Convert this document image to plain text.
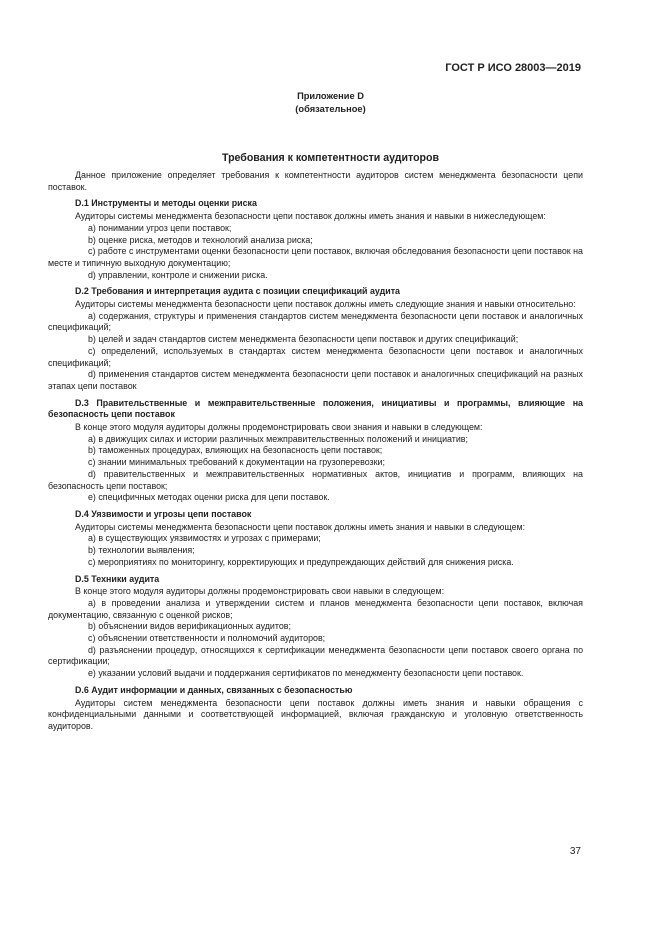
ГОСТ Р ИСО 28003—2019
Приложение D
(обязательное)
Требования к компетентности аудиторов

Данное приложение определяет требования к компетентности аудиторов систем менеджмента безопасности цепи поставок.

D.1 Инструменты и методы оценки риска

Аудиторы системы менеджмента безопасности цепи поставок должны иметь знания и навыки в нижеследующем:

a) понимании угроз цепи поставок;

b) оценке риска, методов и технологий анализа риска;

c) работе с инструментами оценки безопасности цепи поставок, включая обследования безопасности цепи поставок на месте и типичную выходную документацию;

d) управлении, контроле и снижении риска.

D.2 Требования и интерпретация аудита с позиции спецификаций аудита

Аудиторы системы менеджмента безопасности цепи поставок должны иметь следующие знания и навыки относительно:

a) содержания, структуры и применения стандартов систем менеджмента безопасности цепи поставок и аналогичных спецификаций;

b) целей и задач стандартов систем менеджмента безопасности цепи поставок и других спецификаций;

c) определений, используемых в стандартах систем менеджмента безопасности цепи поставок и аналогичных спецификаций;

d) применения стандартов систем менеджмента безопасности цепи поставок и аналогичных спецификаций на разных этапах цепи поставок

D.3 Правительственные и межправительственные положения, инициативы и программы, влияющие на безопасность цепи поставок

В конце этого модуля аудиторы должны продемонстрировать свои знания и навыки в следующем:

a) в движущих силах и истории различных межправительственных положений и инициатив;

b) таможенных процедурах, влияющих на безопасность цепи поставок;

c) знании минимальных требований к документации на грузоперевозки;

d) правительственных и межправительственных нормативных актов, инициатив и программ, влияющих на безопасность цепи поставок;

e) специфичных методах оценки риска для цепи поставок.

D.4 Уязвимости и угрозы цепи поставок

Аудиторы системы менеджмента безопасности цепи поставок должны иметь знания и навыки в следующем:

a) в существующих уязвимостях и угрозах с примерами;

b) технологии выявления;

c) мероприятиях по мониторингу, корректирующих и предупреждающих действий для снижения риска.

D.5 Техники аудита

В конце этого модуля аудиторы должны продемонстрировать свои навыки в следующем:

a) в проведении анализа и утверждении систем и планов менеджмента безопасности цепи поставок, включая документацию, связанную с оценкой рисков;

b) объяснении видов верификационных аудитов;

c) объяснении ответственности и полномочий аудиторов;

d) разъяснении процедур, относящихся к сертификации менеджмента безопасности цепи поставок своего органа по сертификации;

e) указании условий выдачи и поддержания сертификатов по менеджменту безопасности цепи поставок.

D.6 Аудит информации и данных, связанных с безопасностью

Аудиторы систем менеджмента безопасности цепи поставок должны иметь знания и навыки обращения с конфиденциальными данными и соответствующей информацией, включая гражданскую и уголовную ответственность аудиторов.

37
